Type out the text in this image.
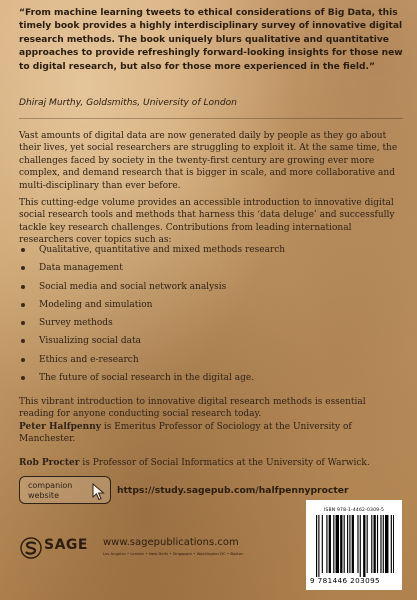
“From machine learning tweets to ethical considerations of Big Data, this timely book provides a highly interdisciplinary survey of innovative digital research methods. The book uniquely blurs qualitative and quantitative approaches to provide refreshingly forward-looking insights for those new to digital research, but also for those more experienced in the field.”
Dhiraj Murthy, Goldsmiths, University of London
Vast amounts of digital data are now generated daily by people as they go about their lives, yet social researchers are struggling to exploit it. At the same time, the challenges faced by society in the twenty-first century are growing ever more complex, and demand research that is bigger in scale, and more collaborative and multi-disciplinary than ever before.
This cutting-edge volume provides an accessible introduction to innovative digital social research tools and methods that harness this ‘data deluge’ and successfully tackle key research challenges. Contributions from leading international researchers cover topics such as:
Qualitative, quantitative and mixed methods research
Data management
Social media and social network analysis
Modeling and simulation
Survey methods
Visualizing social data
Ethics and e-research
The future of social research in the digital age.
This vibrant introduction to innovative digital research methods is essential reading for anyone conducting social research today.
Peter Halfpenny is Emeritus Professor of Sociology at the University of Manchester.
Rob Procter is Professor of Social Informatics at the University of Warwick.
companion
website	https://study.sagepub.com/halfpennyprocter
SAGE www.sagepublications.com
Los Angeles • London • New Delhi • Singapore • Washington DC • Boston
ISBN 978-1-4462-0309-5
9 781446 203095
